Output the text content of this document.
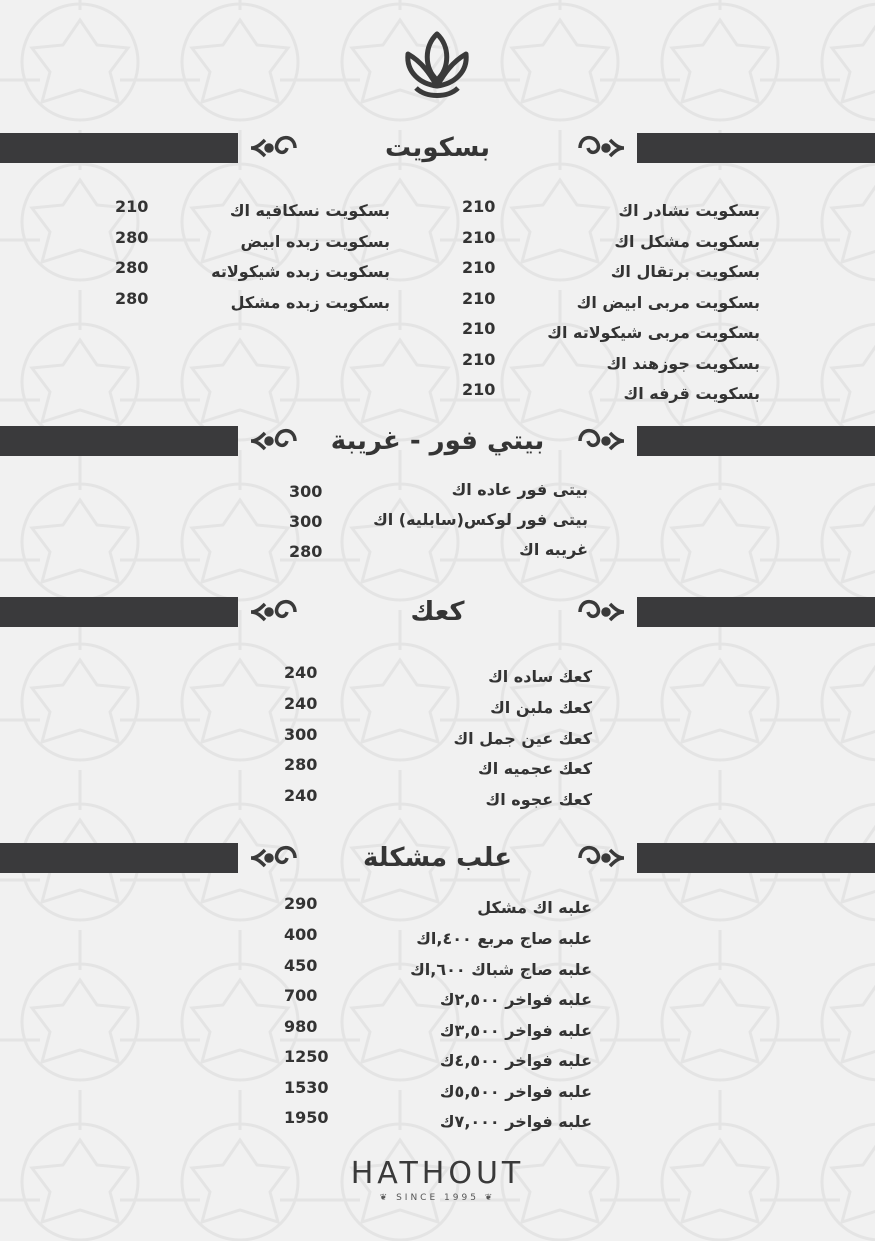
بسكويت
بسكويت نشادر اك
210
بسكويت مشكل اك
210
بسكويت برتقال اك
210
بسكويت مربى ابيض اك
210
بسكويت مربى شيكولاته اك
210
بسكويت جوزهند اك
210
بسكويت قرفه اك
210
بسكويت نسكافيه اك
210
بسكويت زبده ابيض
280
بسكويت زبده شيكولاته
280
بسكويت زبده مشكل
280
بيتي فور - غريبة
بيتى فور عاده اك
300
بيتى فور لوكس(سابليه) اك
300
غريبه اك
280
كعك
كعك ساده اك
240
كعك ملبن اك
240
كعك عين جمل اك
300
كعك عجميه اك
280
كعك عجوه اك
240
علب مشكلة
علبه اك مشكل
290
علبه صاج مربع ٤٠٠,اك
400
علبه صاج شباك ٦٠٠,اك
450
علبه فواخر ٢,٥٠٠ك
700
علبه فواخر ٣,٥٠٠ك
980
علبه فواخر ٤,٥٠٠ك
1250
علبه فواخر ٥,٥٠٠ك
1530
علبه فواخر ٧,٠٠٠ك
1950
HATHOUT
❦ SINCE 1995 ❦
